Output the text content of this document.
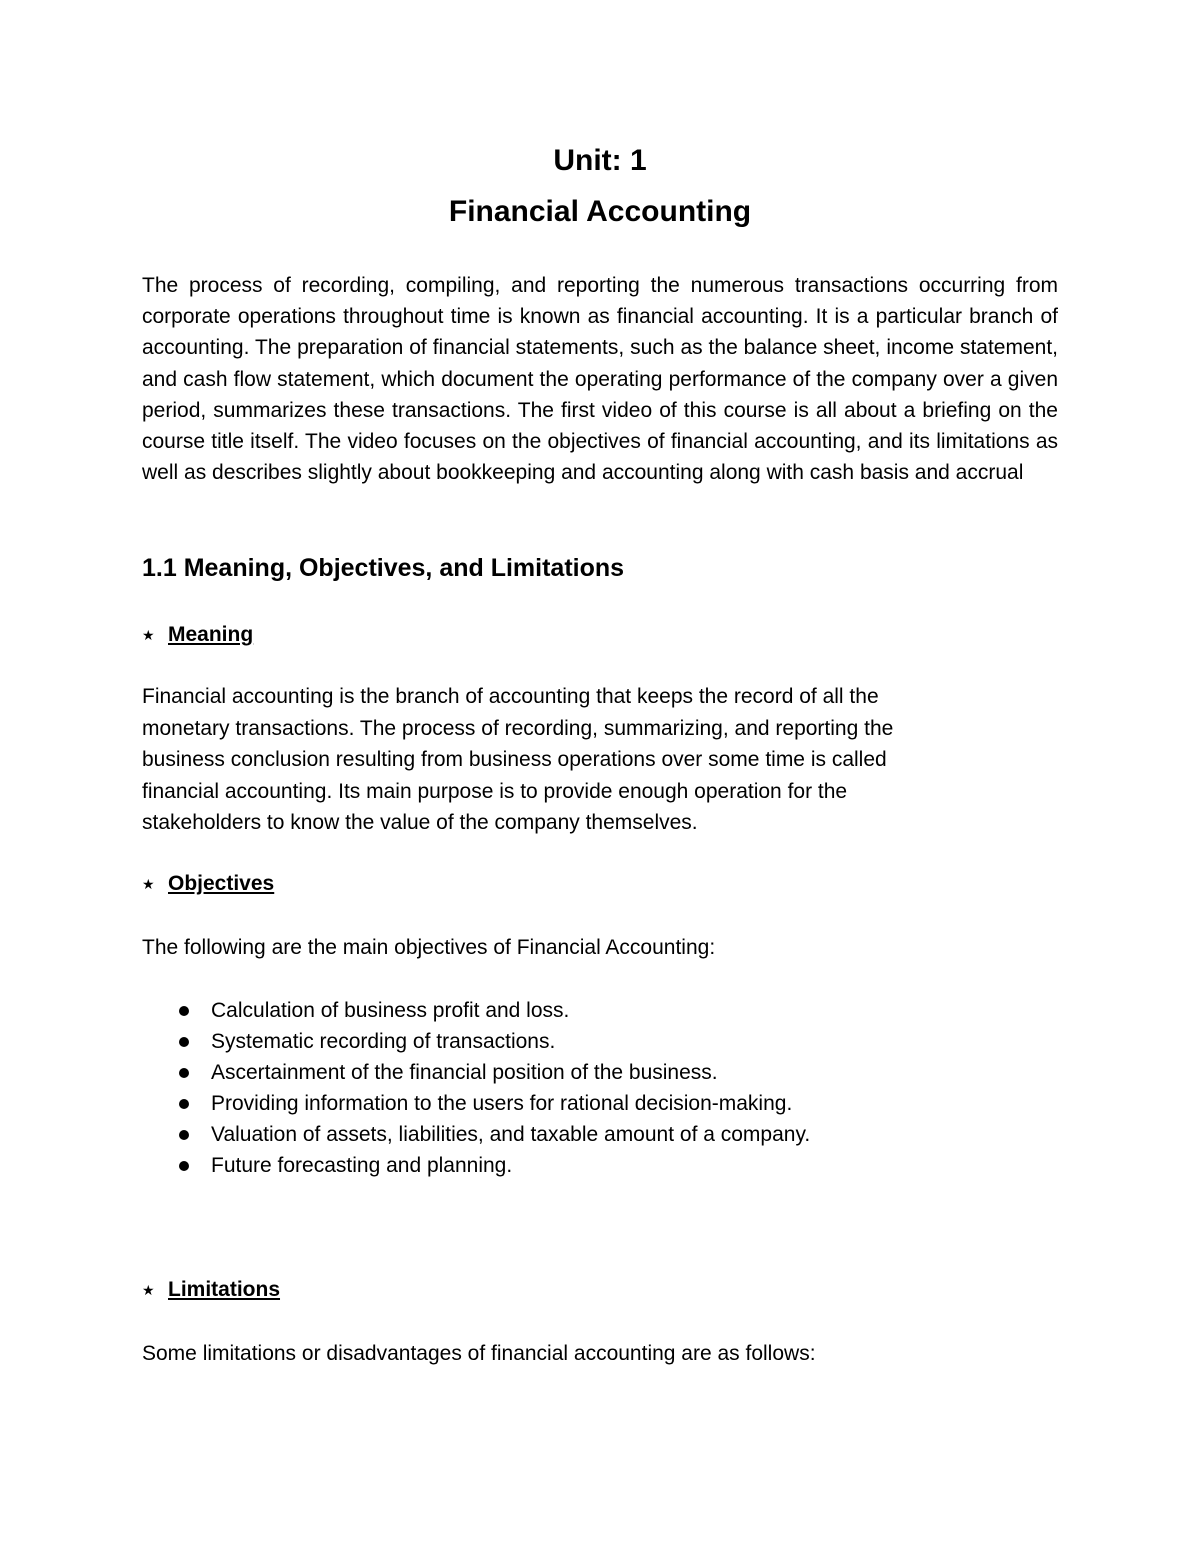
Unit: 1
Financial Accounting

The process of recording, compiling, and reporting the numerous transactions occurring from corporate operations throughout time is known as financial accounting. It is a particular branch of accounting. The preparation of financial statements, such as the balance sheet, income statement, and cash flow statement, which document the operating performance of the company over a given period, summarizes these transactions. The first video of this course is all about a briefing on the course title itself. The video focuses on the objectives of financial accounting, and its limitations as well as describes slightly about bookkeeping and accounting along with cash basis and accrual

1.1 Meaning, Objectives, and Limitations
★ Meaning
Financial accounting is the branch of accounting that keeps the record of all the
monetary transactions. The process of recording, summarizing, and reporting the
business conclusion resulting from business operations over some time is called
financial accounting. Its main purpose is to provide enough operation for the
stakeholders to know the value of the company themselves.
★ Objectives

The following are the main objectives of Financial Accounting:

Calculation of business profit and loss.
Systematic recording of transactions.
Ascertainment of the financial position of the business.
Providing information to the users for rational decision-making.
Valuation of assets, liabilities, and taxable amount of a company.
Future forecasting and planning.
★ Limitations

Some limitations or disadvantages of financial accounting are as follows:
